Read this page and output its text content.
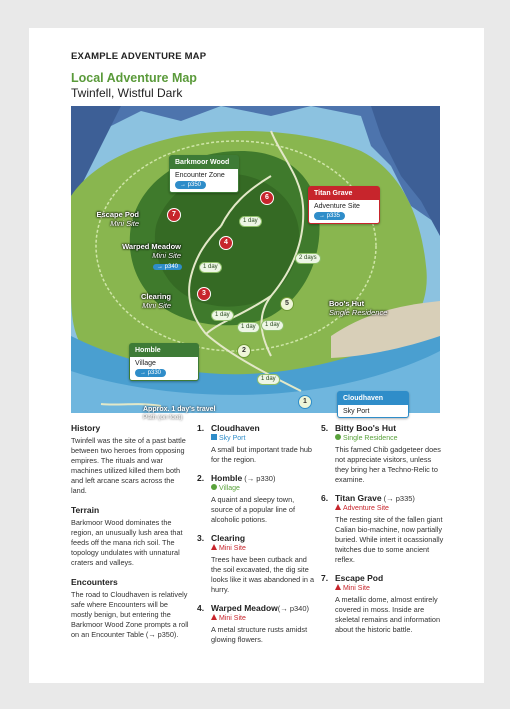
EXAMPLE ADVENTURE MAP
Local Adventure Map
Twinfell, Wistful Dark
Barkmoor Wood
Encounter Zone
→ p350
Titan Grave
Adventure Site
→ p335
Homble
Village
→ p330
Cloudhaven
Sky Port
Escape Pod
Mini Site
Warped Meadow
Mini Site
→ p340
Clearing
Mini Site	Boo's Hut
Single Residence
1 day
1 day
2 days
1 day
1 day	1 day
1 day
1
2
3
4
5
6
7
Approx. 1 day's travel
Path (on foot)
History
Twinfell was the site of a past battle between two heroes from opposing empires. The rituals and war machines utilized killed them both and left arcane scars across the land.
Terrain
Barkmoor Wood dominates the region, an unusually lush area that feeds off the mana rich soil. The topology undulates with unnatural craters and valleys.
Encounters
The road to Cloudhaven is relatively safe where Encounters will be mostly benign, but entering the Barkmoor Wood Zone prompts a roll on an Encounter Table (→ p350).
1. Cloudhaven
Sky Port
A small but important trade hub for the region.
2. Homble (→ p330)
Village
A quaint and sleepy town, source of a popular line of alcoholic potions.
3. Clearing
Mini Site
Trees have been cutback and the soil excavated, the dig site looks like it was abandoned in a hurry.
4. Warped Meadow(→ p340)
Mini Site
A metal structure rusts amidst glowing flowers.
5. Bitty Boo's Hut
Single Residence
This famed Chib gadgeteer does not appreciate visitors, unless they bring her a Techno-Relic to examine.
6. Titan Grave (→ p335)
Adventure Site
The resting site of the fallen giant Calian bio-machine, now partially buried. While intert it ocassionally twitches due to some ancient reflex.
7. Escape Pod
Mini Site
A metallic dome, almost entirely covered in moss. Inside are skeletal remains and information about the historic battle.
